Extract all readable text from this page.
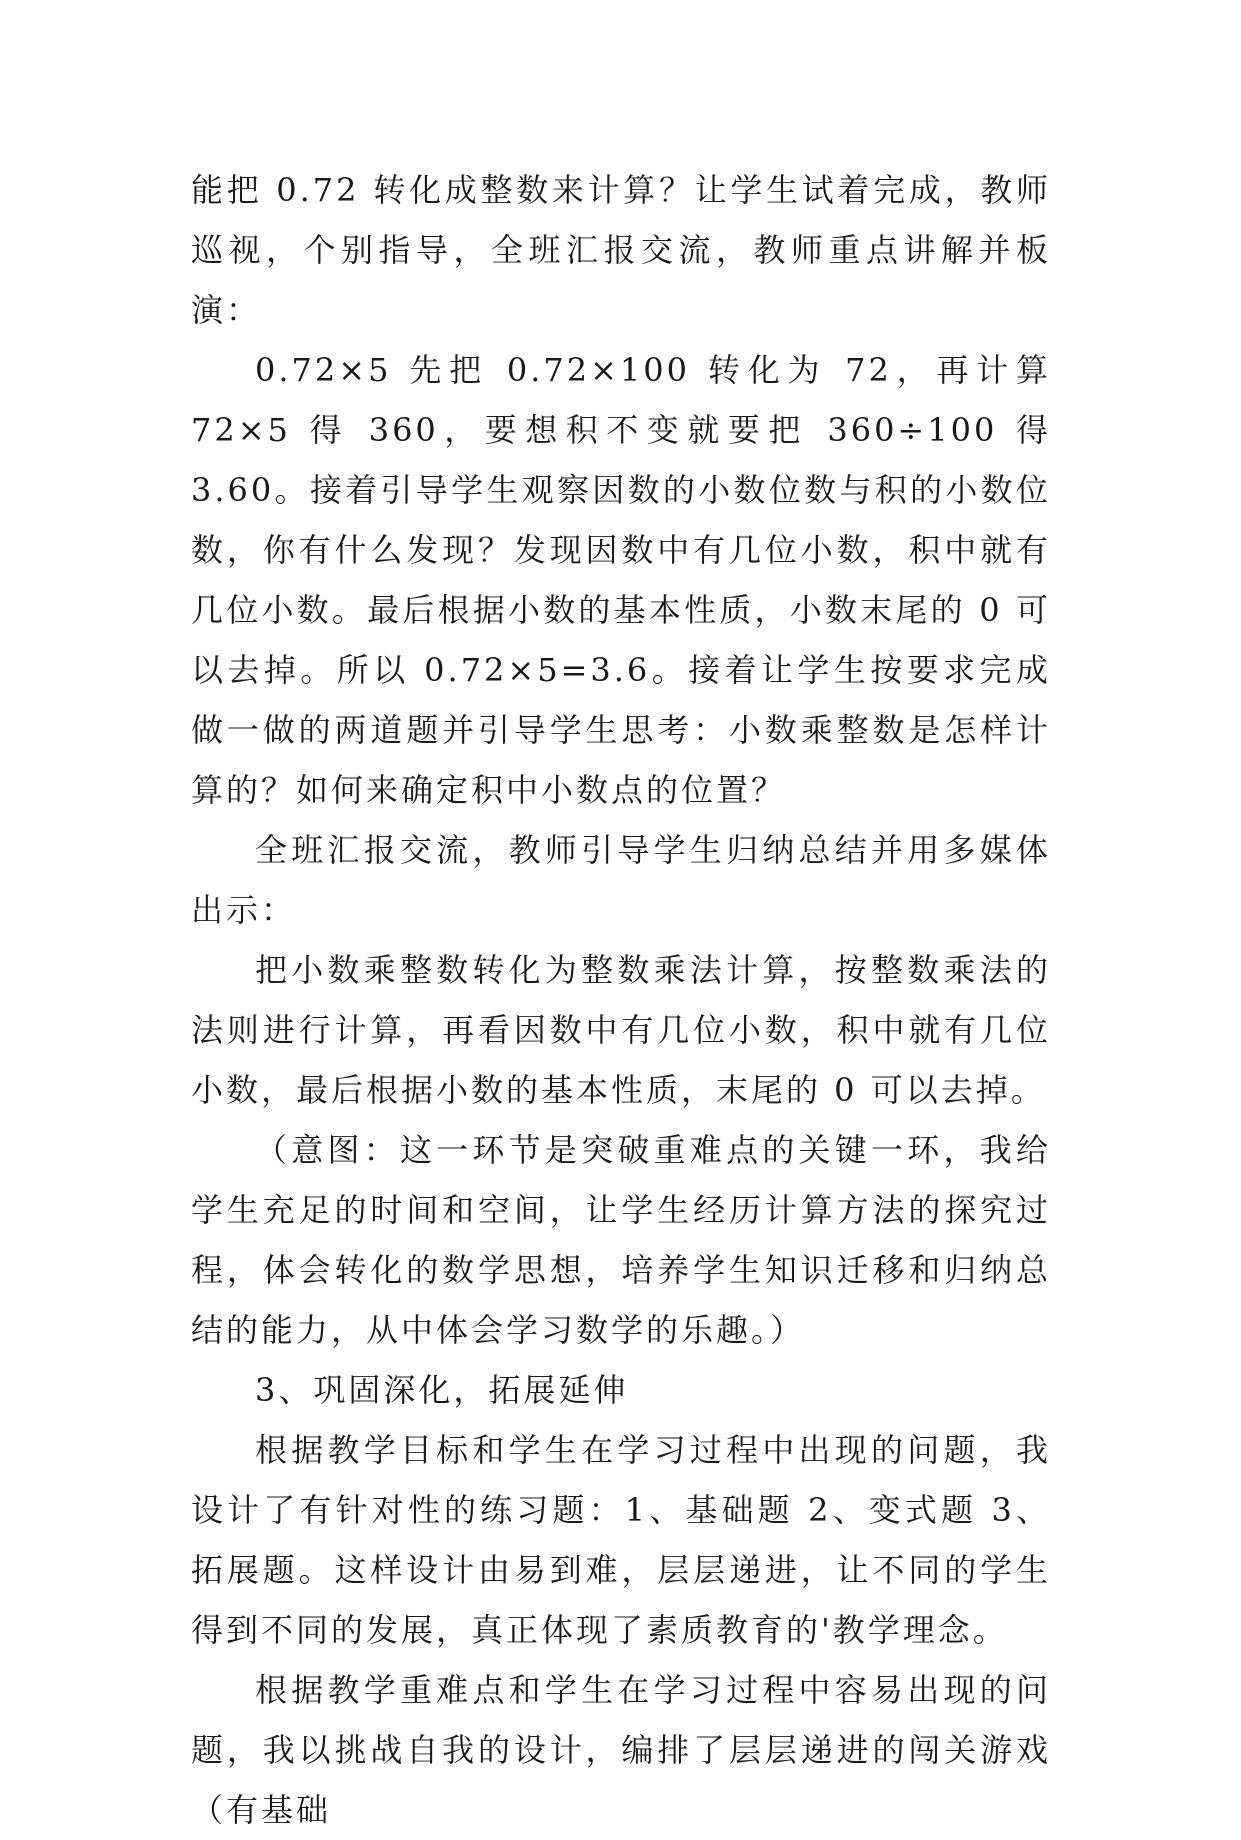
能把 0.72 转化成整数来计算？让学生试着完成，教师巡视，个别指导，全班汇报交流，教师重点讲解并板演：

0.72×5 先把 0.72×100 转化为 72，再计算 72×5 得 360，要想积不变就要把 360÷100 得 3.60。接着引导学生观察因数的小数位数与积的小数位数，你有什么发现？发现因数中有几位小数，积中就有几位小数。最后根据小数的基本性质，小数末尾的 0 可以去掉。所以 0.72×5=3.6。接着让学生按要求完成做一做的两道题并引导学生思考：小数乘整数是怎样计算的？如何来确定积中小数点的位置？

全班汇报交流，教师引导学生归纳总结并用多媒体出示：

把小数乘整数转化为整数乘法计算，按整数乘法的法则进行计算，再看因数中有几位小数，积中就有几位小数，最后根据小数的基本性质，末尾的 0 可以去掉。

（意图：这一环节是突破重难点的关键一环，我给学生充足的时间和空间，让学生经历计算方法的探究过程，体会转化的数学思想，培养学生知识迁移和归纳总结的能力，从中体会学习数学的乐趣。）

3、巩固深化，拓展延伸

根据教学目标和学生在学习过程中出现的问题，我设计了有针对性的练习题：1、基础题 2、变式题 3、拓展题。这样设计由易到难，层层递进，让不同的学生得到不同的发展，真正体现了素质教育的'教学理念。

根据教学重难点和学生在学习过程中容易出现的问题，我以挑战自我的设计，编排了层层递进的闯关游戏（有基础
